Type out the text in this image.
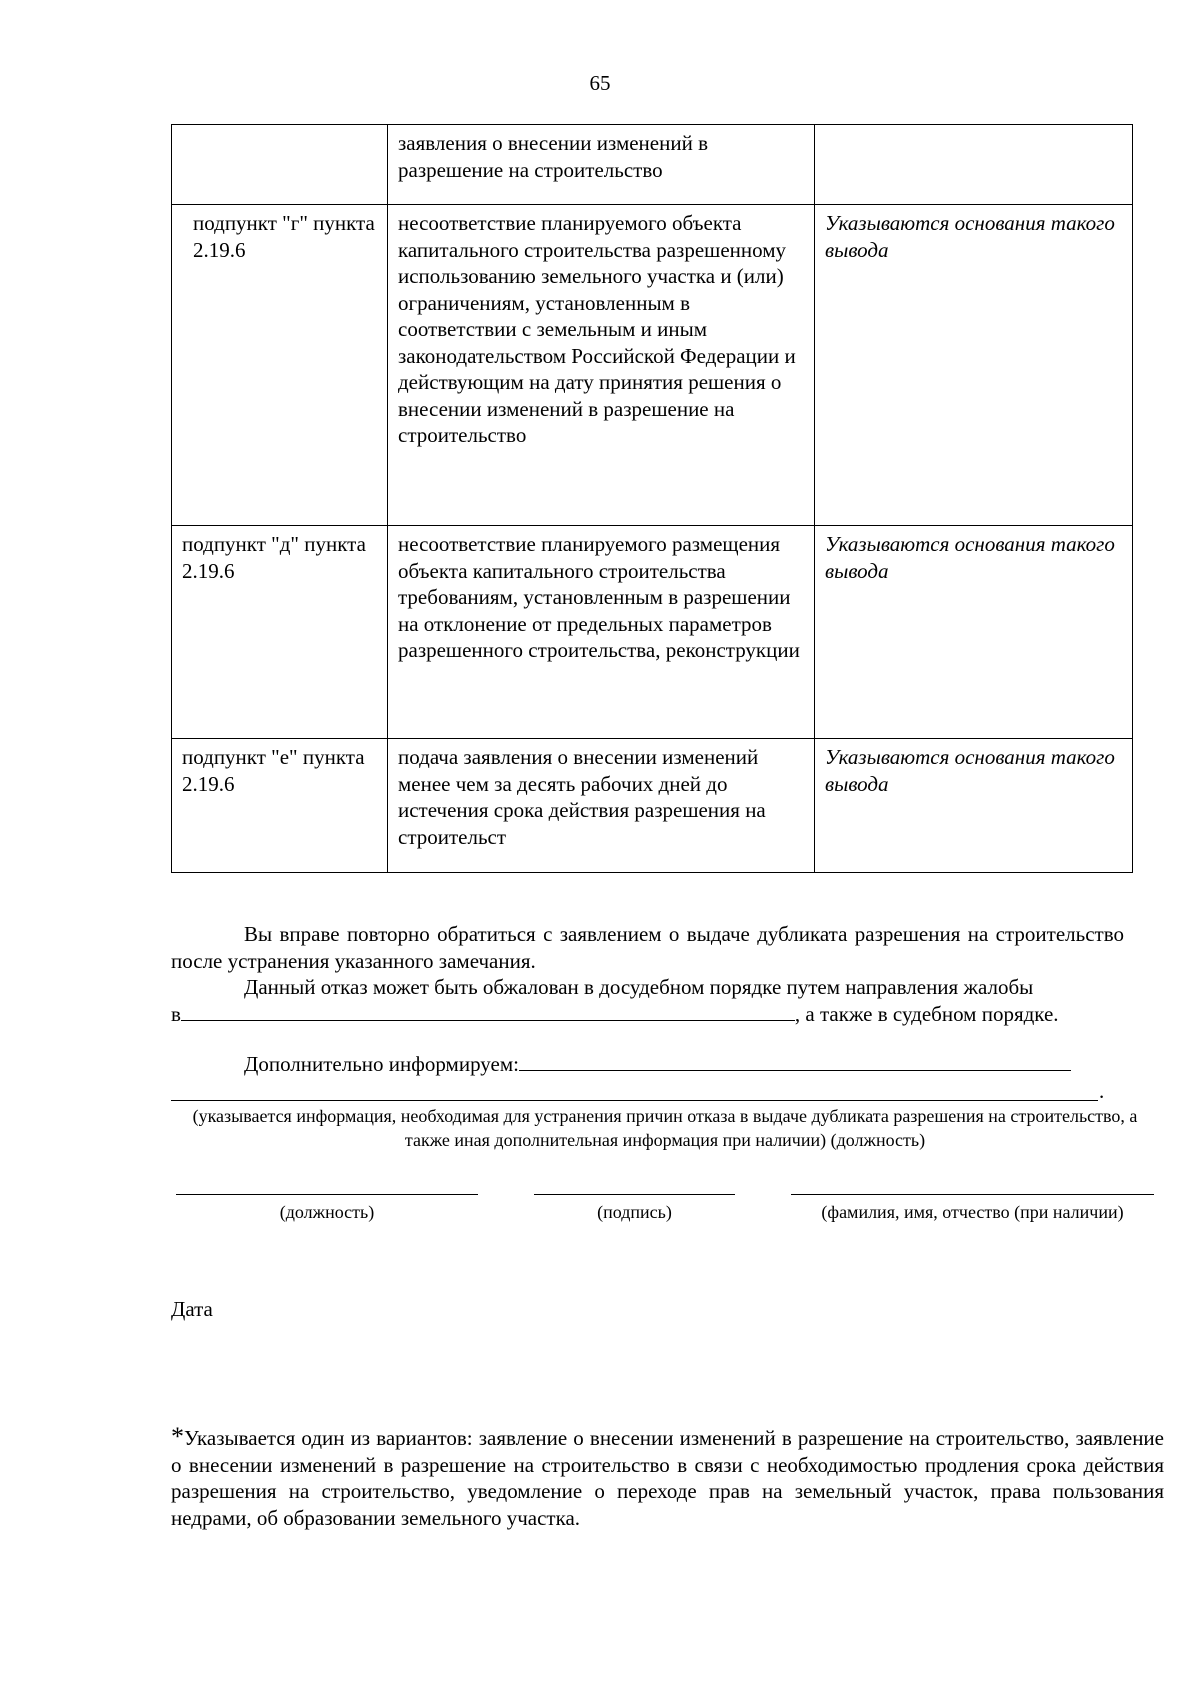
65
	заявления о внесении изменений в разрешение на строительство	
подпункт "г" пункта 2.19.6	несоответствие планируемого объекта капитального строительства разрешенному использованию земельного участка и (или) ограничениям, установленным в соответствии с земельным и иным законодательством Российской Федерации и действующим на дату принятия решения о внесении изменений в разрешение на строительство	Указываются основания такого вывода
подпункт "д" пункта 2.19.6	несоответствие планируемого размещения объекта капитального строительства требованиям, установленным в разрешении на отклонение от предельных параметров разрешенного строительства, реконструкции	Указываются основания такого вывода
подпункт "е" пункта 2.19.6	подача заявления о внесении изменений менее чем за десять рабочих дней до истечения срока действия разрешения на строительст	Указываются основания такого вывода
Вы вправе повторно обратиться с заявлением о выдаче дубликата разрешения на строительство после устранения указанного замечания.
Данный отказ может быть обжалован в досудебном порядке путем направления жалобы
в	, а также в судебном порядке.
Дополнительно информируем:
.
(указывается информация, необходимая для устранения причин отказа в выдаче дубликата разрешения на строительство, а также иная дополнительная информация при наличии) (должность)
(должность)	(подпись)	(фамилия, имя, отчество (при наличии)
Дата
*Указывается один из вариантов: заявление о внесении изменений в разрешение на строительство, заявление о внесении изменений в разрешение на строительство в связи с необходимостью продления срока действия разрешения на строительство, уведомление о переходе прав на земельный участок, права пользования недрами, об образовании земельного участка.
